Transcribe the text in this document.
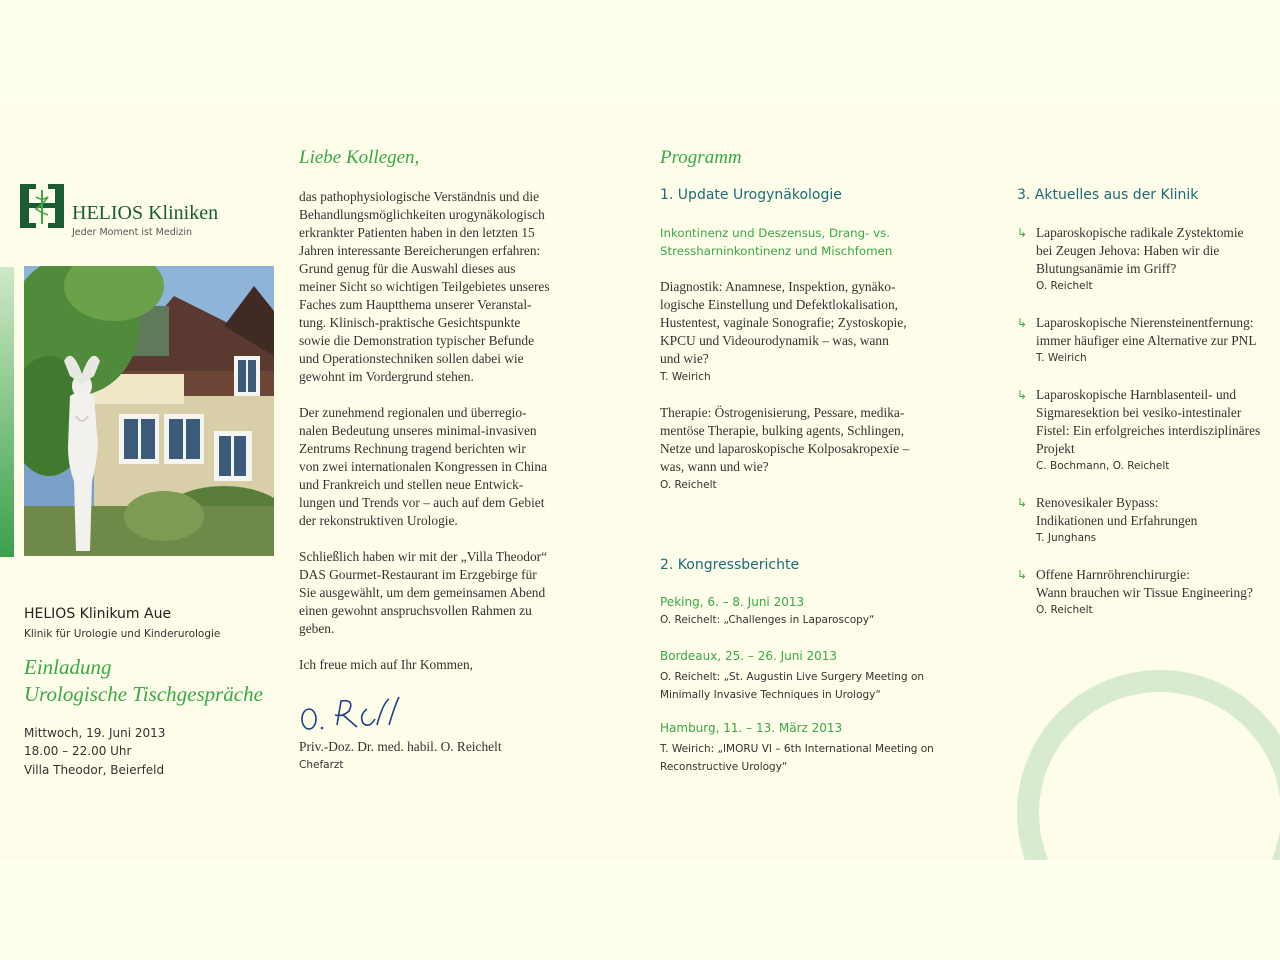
HELIOS Kliniken
Jeder Moment ist Medizin
HELIOS Klinikum Aue
Klinik für Urologie und Kinderurologie
Einladung
Urologische Tischgespräche
Mittwoch, 19. Juni 2013
18.00 – 22.00 Uhr
Villa Theodor, Beierfeld
Liebe Kollegen,
das pathophysiologische Verständnis und die
Behandlungsmöglichkeiten urogynäkologisch
erkrankter Patienten haben in den letzten 15
Jahren interessante Bereicherungen erfahren:
Grund genug für die Auswahl dieses aus
meiner Sicht so wichtigen Teilgebietes unseres
Faches zum Hauptthema unserer Veranstal-
tung. Klinisch-praktische Gesichtspunkte
sowie die Demonstration typischer Befunde
und Operationstechniken sollen dabei wie
gewohnt im Vordergrund stehen.
Der zunehmend regionalen und überregio-
nalen Bedeutung unseres minimal-invasiven
Zentrums Rechnung tragend berichten wir
von zwei internationalen Kongressen in China
und Frankreich und stellen neue Entwick-
lungen und Trends vor – auch auf dem Gebiet
der rekonstruktiven Urologie.
Schließlich haben wir mit der „Villa Theodor“
DAS Gourmet-Restaurant im Erzgebirge für
Sie ausgewählt, um dem gemeinsamen Abend
einen gewohnt anspruchsvollen Rahmen zu
geben.
Ich freue mich auf Ihr Kommen,
Priv.-Doz. Dr. med. habil. O. Reichelt
Chefarzt
Programm
1. Update Urogynäkologie
Inkontinenz und Deszensus, Drang- vs.
Stressharninkontinenz und Mischfomen
Diagnostik: Anamnese, Inspektion, gynäko-
logische Einstellung und Defektlokalisation,
Hustentest, vaginale Sonografie; Zystoskopie,
KPCU und Videourodynamik – was, wann
und wie?
T. Weirich
Therapie: Östrogenisierung, Pessare, medika-
mentöse Therapie, bulking agents, Schlingen,
Netze und laparoskopische Kolposakropexie –
was, wann und wie?
O. Reichelt
2. Kongressberichte
Peking, 6. – 8. Juni 2013
O. Reichelt: „Challenges in Laparoscopy“
Bordeaux, 25. – 26. Juni 2013
O. Reichelt: „St. Augustin Live Surgery Meeting on
Minimally Invasive Techniques in Urology“
Hamburg, 11. – 13. März 2013
T. Weirich: „IMORU VI – 6th International Meeting on
Reconstructive Urology“
3. Aktuelles aus der Klinik
↳ Laparoskopische radikale Zystektomie
bei Zeugen Jehova: Haben wir die
Blutungsanämie im Griff?
O. Reichelt
↳ Laparoskopische Nierensteinentfernung:
immer häufiger eine Alternative zur PNL
T. Weirich
↳ Laparoskopische Harnblasenteil- und
Sigmaresektion bei vesiko-intestinaler
Fistel: Ein erfolgreiches interdisziplinäres
Projekt
C. Bochmann, O. Reichelt
↳ Renovesikaler Bypass:
Indikationen und Erfahrungen
T. Junghans
↳ Offene Harnröhrenchirurgie:
Wann brauchen wir Tissue Engineering?
O. Reichelt
